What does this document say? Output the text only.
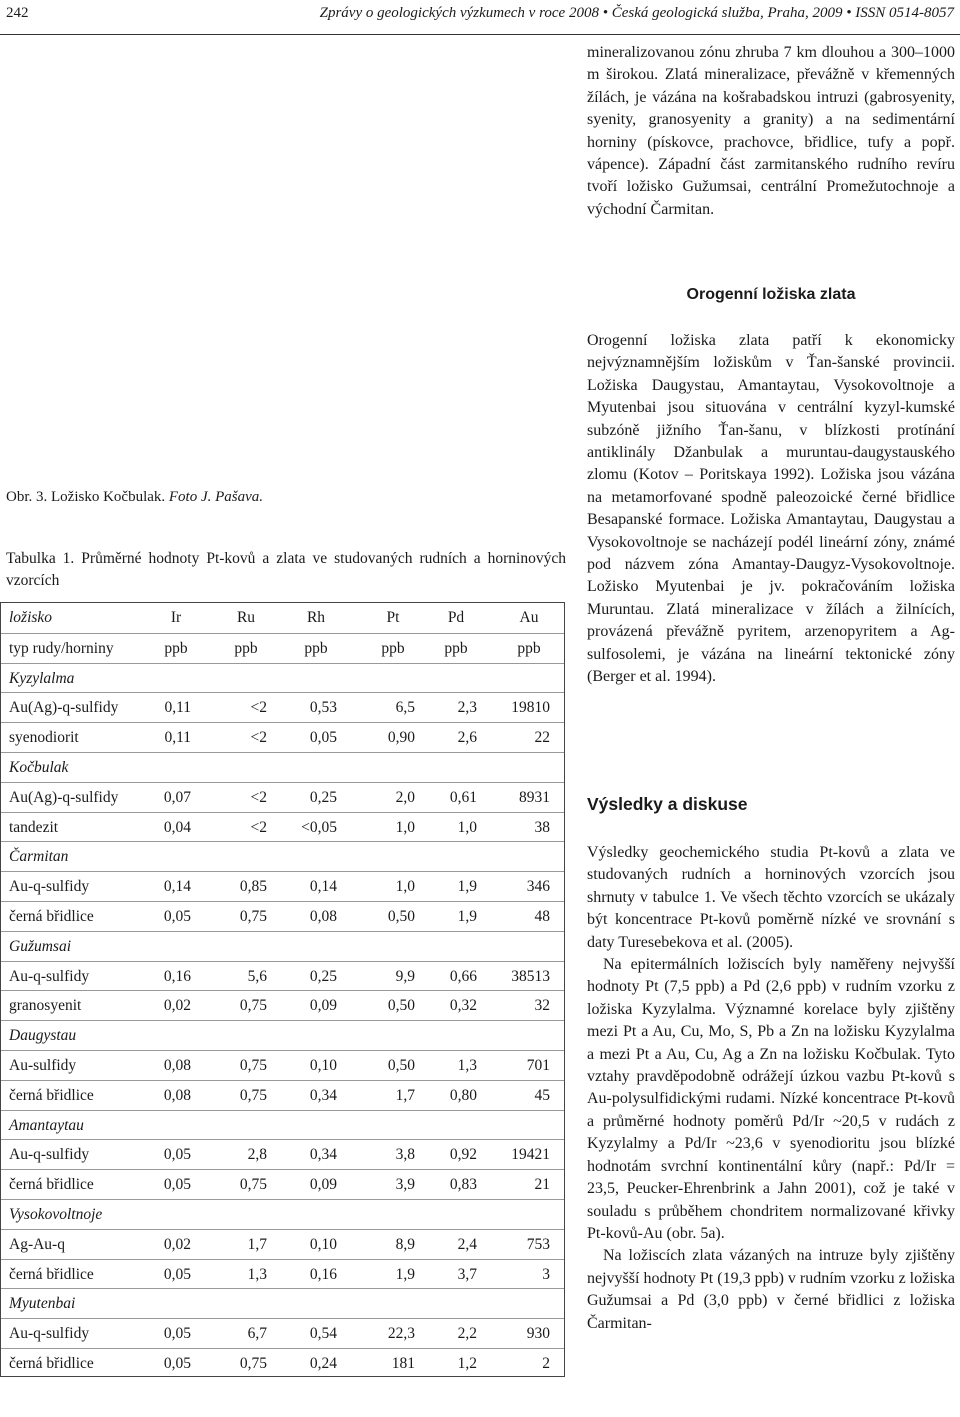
242	Zprávy o geologických výzkumech v roce 2008 • Česká geologická služba, Praha, 2009 • ISSN 0514-8057
Obr. 3. Ložisko Kočbulak. Foto J. Pašava.
Tabulka 1. Průměrné hodnoty Pt-kovů a zlata ve studovaných rudních a horninových vzorcích
ložisko	Ir	Ru	Rh	Pt	Pd	Au
typ rudy/horniny	ppb	ppb	ppb	ppb	ppb	ppb
Kyzylalma
Au(Ag)-q-sulfidy	0,11	<2	0,53	6,5	2,3	19810
syenodiorit	0,11	<2	0,05	0,90	2,6	22
Kočbulak
Au(Ag)-q-sulfidy	0,07	<2	0,25	2,0	0,61	8931
tandezit	0,04	<2	<0,05	1,0	1,0	38
Čarmitan
Au-q-sulfidy	0,14	0,85	0,14	1,0	1,9	346
černá břidlice	0,05	0,75	0,08	0,50	1,9	48
Gužumsai
Au-q-sulfidy	0,16	5,6	0,25	9,9	0,66	38513
granosyenit	0,02	0,75	0,09	0,50	0,32	32
Daugystau
Au-sulfidy	0,08	0,75	0,10	0,50	1,3	701
černá břidlice	0,08	0,75	0,34	1,7	0,80	45
Amantaytau
Au-q-sulfidy	0,05	2,8	0,34	3,8	0,92	19421
černá břidlice	0,05	0,75	0,09	3,9	0,83	21
Vysokovoltnoje
Ag-Au-q	0,02	1,7	0,10	8,9	2,4	753
černá břidlice	0,05	1,3	0,16	1,9	3,7	3
Myutenbai
Au-q-sulfidy	0,05	6,7	0,54	22,3	2,2	930
černá břidlice	0,05	0,75	0,24	181	1,2	2

mineralizovanou zónu zhruba 7 km dlouhou a 300–1000 m širokou. Zlatá mineralizace, převážně v křemenných žílách, je vázána na košrabadskou intruzi (gabrosyenity, syenity, granosyenity a granity) a na sedimentární horniny (pískovce, prachovce, břidlice, tufy a popř. vápence). Západní část zarmitanského rudního revíru tvoří ložisko Gužumsai, centrální Promežutochnoje a východní Čarmitan.

Orogenní ložiska zlata

Orogenní ložiska zlata patří k ekonomicky nejvýznamnějším ložiskům v Ťan-šanské provincii. Ložiska Daugystau, Amantaytau, Vysokovoltnoje a Myutenbai jsou situována v centrální kyzyl-kumské subzóně jižního Ťan-šanu, v blízkosti protínání antiklinály Džanbulak a muruntau-daugystauského zlomu (Kotov – Poritskaya 1992). Ložiska jsou vázána na metamorfované spodně paleozoické černé břidlice Besapanské formace. Ložiska Amantaytau, Daugystau a Vysokovoltnoje se nacházejí podél lineární zóny, známé pod názvem zóna Amantay-Daugyz-Vysokovoltnoje. Ložisko Myutenbai je jv. pokračováním ložiska Muruntau. Zlatá mineralizace v žílách a žilnících, provázená převážně pyritem, arzenopyritem a Ag-sulfosolemi, je vázána na lineární tektonické zóny (Berger et al. 1994).

Výsledky a diskuse

Výsledky geochemického studia Pt-kovů a zlata ve studovaných rudních a horninových vzorcích jsou shrnuty v tabulce 1. Ve všech těchto vzorcích se ukázaly být koncentrace Pt-kovů poměrně nízké ve srovnání s daty Turesebekova et al. (2005).

Na epitermálních ložiscích byly naměřeny nejvyšší hodnoty Pt (7,5 ppb) a Pd (2,6 ppb) v rudním vzorku z ložiska Kyzylalma. Významné korelace byly zjištěny mezi Pt a Au, Cu, Mo, S, Pb a Zn na ložisku Kyzylalma a mezi Pt a Au, Cu, Ag a Zn na ložisku Kočbulak. Tyto vztahy pravděpodobně odrážejí úzkou vazbu Pt-kovů s Au-polysulfidickými rudami. Nízké koncentrace Pt-kovů a průměrné hodnoty poměrů Pd/Ir ~20,5 v rudách z Kyzylalmy a Pd/Ir ~23,6 v syenodioritu jsou blízké hodnotám svrchní kontinentální kůry (např.: Pd/Ir = 23,5, Peucker-Ehrenbrink a Jahn 2001), což je také v souladu s průběhem chondritem normalizované křivky Pt-kovů-Au (obr. 5a).

Na ložiscích zlata vázaných na intruze byly zjištěny nejvyšší hodnoty Pt (19,3 ppb) v rudním vzorku z ložiska Gužumsai a Pd (3,0 ppb) v černé břidlici z ložiska Čarmitan-
